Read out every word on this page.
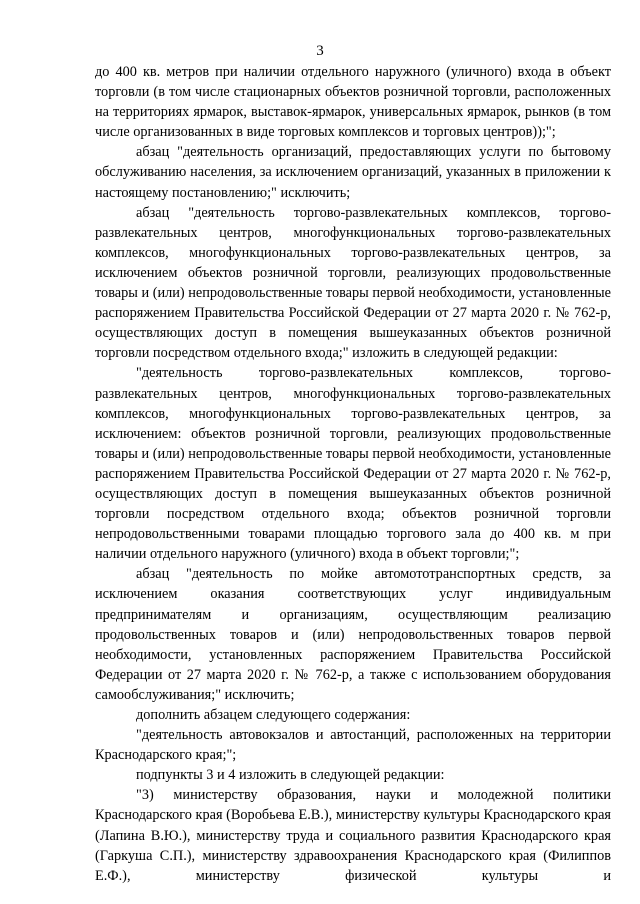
3

до 400 кв. метров при наличии отдельного наружного (уличного) входа в объект торговли (в том числе стационарных объектов розничной торговли, расположенных на территориях ярмарок, выставок-ярмарок, универсальных ярмарок, рынков (в том числе организованных в виде торговых комплексов и торговых центров));";

абзац "деятельность организаций, предоставляющих услуги по бытовому обслуживанию населения, за исключением организаций, указанных в приложении к настоящему постановлению;" исключить;

абзац "деятельность торгово-развлекательных комплексов, торгово-развлекательных центров, многофункциональных торгово-развлекательных комплексов, многофункциональных торгово-развлекательных центров, за исключением объектов розничной торговли, реализующих продовольственные товары и (или) непродовольственные товары первой необходимости, установленные распоряжением Правительства Российской Федерации от 27 марта 2020 г. № 762-р, осуществляющих доступ в помещения вышеуказанных объектов розничной торговли посредством отдельного входа;" изложить в следующей редакции:

"деятельность торгово-развлекательных комплексов, торгово-развлекательных центров, многофункциональных торгово-развлекательных комплексов, многофункциональных торгово-развлекательных центров, за исключением: объектов розничной торговли, реализующих продовольственные товары и (или) непродовольственные товары первой необходимости, установленные распоряжением Правительства Российской Федерации от 27 марта 2020 г. № 762-р, осуществляющих доступ в помещения вышеуказанных объектов розничной торговли посредством отдельного входа; объектов розничной торговли непродовольственными товарами площадью торгового зала до 400 кв. м при наличии отдельного наружного (уличного) входа в объект торговли;";

абзац "деятельность по мойке автомототранспортных средств, за исключением оказания соответствующих услуг индивидуальным предпринимателям и организациям, осуществляющим реализацию продовольственных товаров и (или) непродовольственных товаров первой необходимости, установленных распоряжением Правительства Российской Федерации от 27 марта 2020 г. № 762-р, а также с использованием оборудования самообслуживания;" исключить;

дополнить абзацем следующего содержания:

"деятельность автовокзалов и автостанций, расположенных на территории Краснодарского края;";

подпункты 3 и 4 изложить в следующей редакции:

"3) министерству образования, науки и молодежной политики Краснодарского края (Воробьева Е.В.), министерству культуры Краснодарского края (Лапина В.Ю.), министерству труда и социального развития Краснодарского края (Гаркуша С.П.), министерству здравоохранения Краснодарского края (Филиппов Е.Ф.), министерству физической культуры и
